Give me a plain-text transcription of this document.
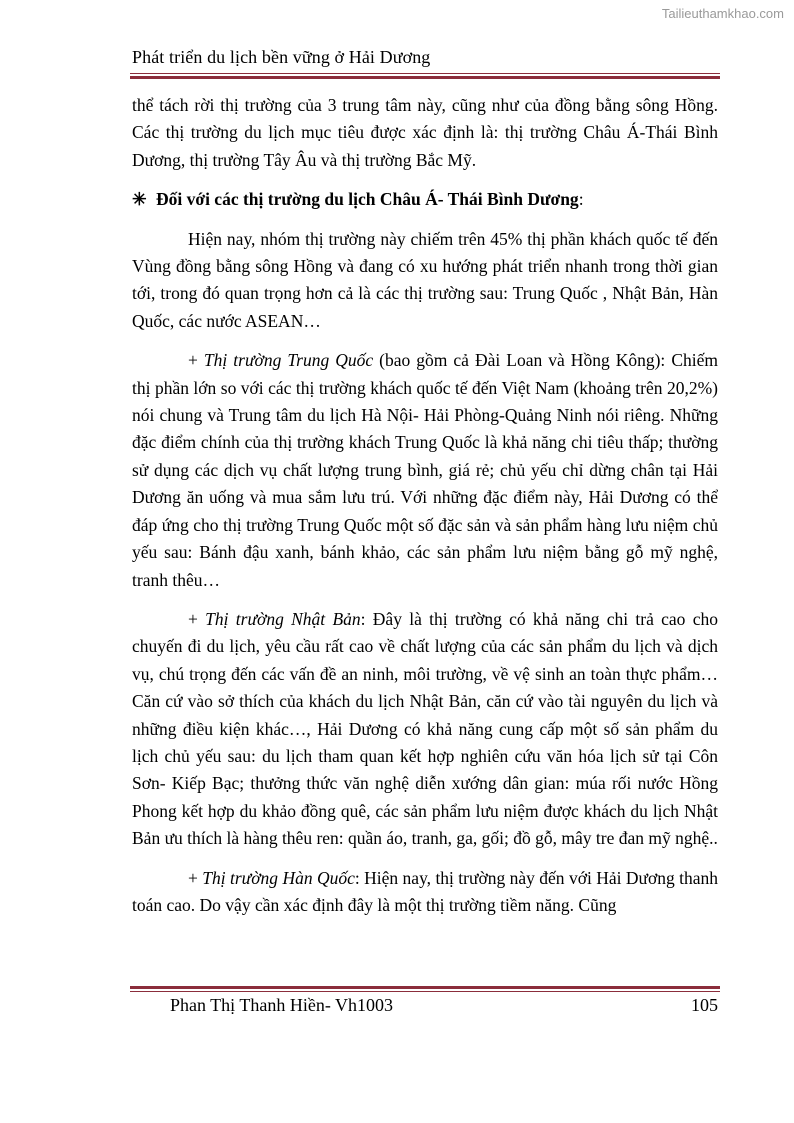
Tailieuthamkhao.com
Phát triển du lịch bền vững ở Hải Dương

thể tách rời thị trường của 3 trung tâm này, cũng như của đồng bằng sông Hồng. Các thị trường du lịch mục tiêu được xác định là: thị trường Châu Á-Thái Bình Dương, thị trường Tây Âu và thị trường Bắc Mỹ.

✳ Đối với các thị trường du lịch Châu Á- Thái Bình Dương:

Hiện nay, nhóm thị trường này chiếm trên 45% thị phần khách quốc tế đến Vùng đồng bằng sông Hồng và đang có xu hướng phát triển nhanh trong thời gian tới, trong đó quan trọng hơn cả là các thị trường sau: Trung Quốc , Nhật Bản, Hàn Quốc, các nước ASEAN…

+ Thị trường Trung Quốc (bao gồm cả Đài Loan và Hồng Kông): Chiếm thị phần lớn so với các thị trường khách quốc tế đến Việt Nam (khoảng trên 20,2%) nói chung và Trung tâm du lịch Hà Nội- Hải Phòng-Quảng Ninh nói riêng. Những đặc điểm chính của thị trường khách Trung Quốc là khả năng chi tiêu thấp; thường sử dụng các dịch vụ chất lượng trung bình, giá rẻ; chủ yếu chỉ dừng chân tại Hải Dương ăn uống và mua sắm lưu trú. Với những đặc điểm này, Hải Dương có thể đáp ứng cho thị trường Trung Quốc một số đặc sản và sản phẩm hàng lưu niệm chủ yếu sau: Bánh đậu xanh, bánh khảo, các sản phẩm lưu niệm bằng gỗ mỹ nghệ, tranh thêu…

+ Thị trường Nhật Bản: Đây là thị trường có khả năng chi trả cao cho chuyến đi du lịch, yêu cầu rất cao về chất lượng của các sản phẩm du lịch và dịch vụ, chú trọng đến các vấn đề an ninh, môi trường, về vệ sinh an toàn thực phẩm… Căn cứ vào sở thích của khách du lịch Nhật Bản, căn cứ vào tài nguyên du lịch và những điều kiện khác…, Hải Dương có khả năng cung cấp một số sản phẩm du lịch chủ yếu sau: du lịch tham quan kết hợp nghiên cứu văn hóa lịch sử tại Côn Sơn- Kiếp Bạc; thưởng thức văn nghệ diễn xướng dân gian: múa rối nước Hồng Phong kết hợp du khảo đồng quê, các sản phẩm lưu niệm được khách du lịch Nhật Bản ưu thích là hàng thêu ren: quần áo, tranh, ga, gối; đồ gỗ, mây tre đan mỹ nghệ..

+ Thị trường Hàn Quốc: Hiện nay, thị trường này đến với Hải Dương thanh toán cao. Do vậy cần xác định đây là một thị trường tiềm năng. Cũng

Phan Thị Thanh Hiền- Vh1003	105
